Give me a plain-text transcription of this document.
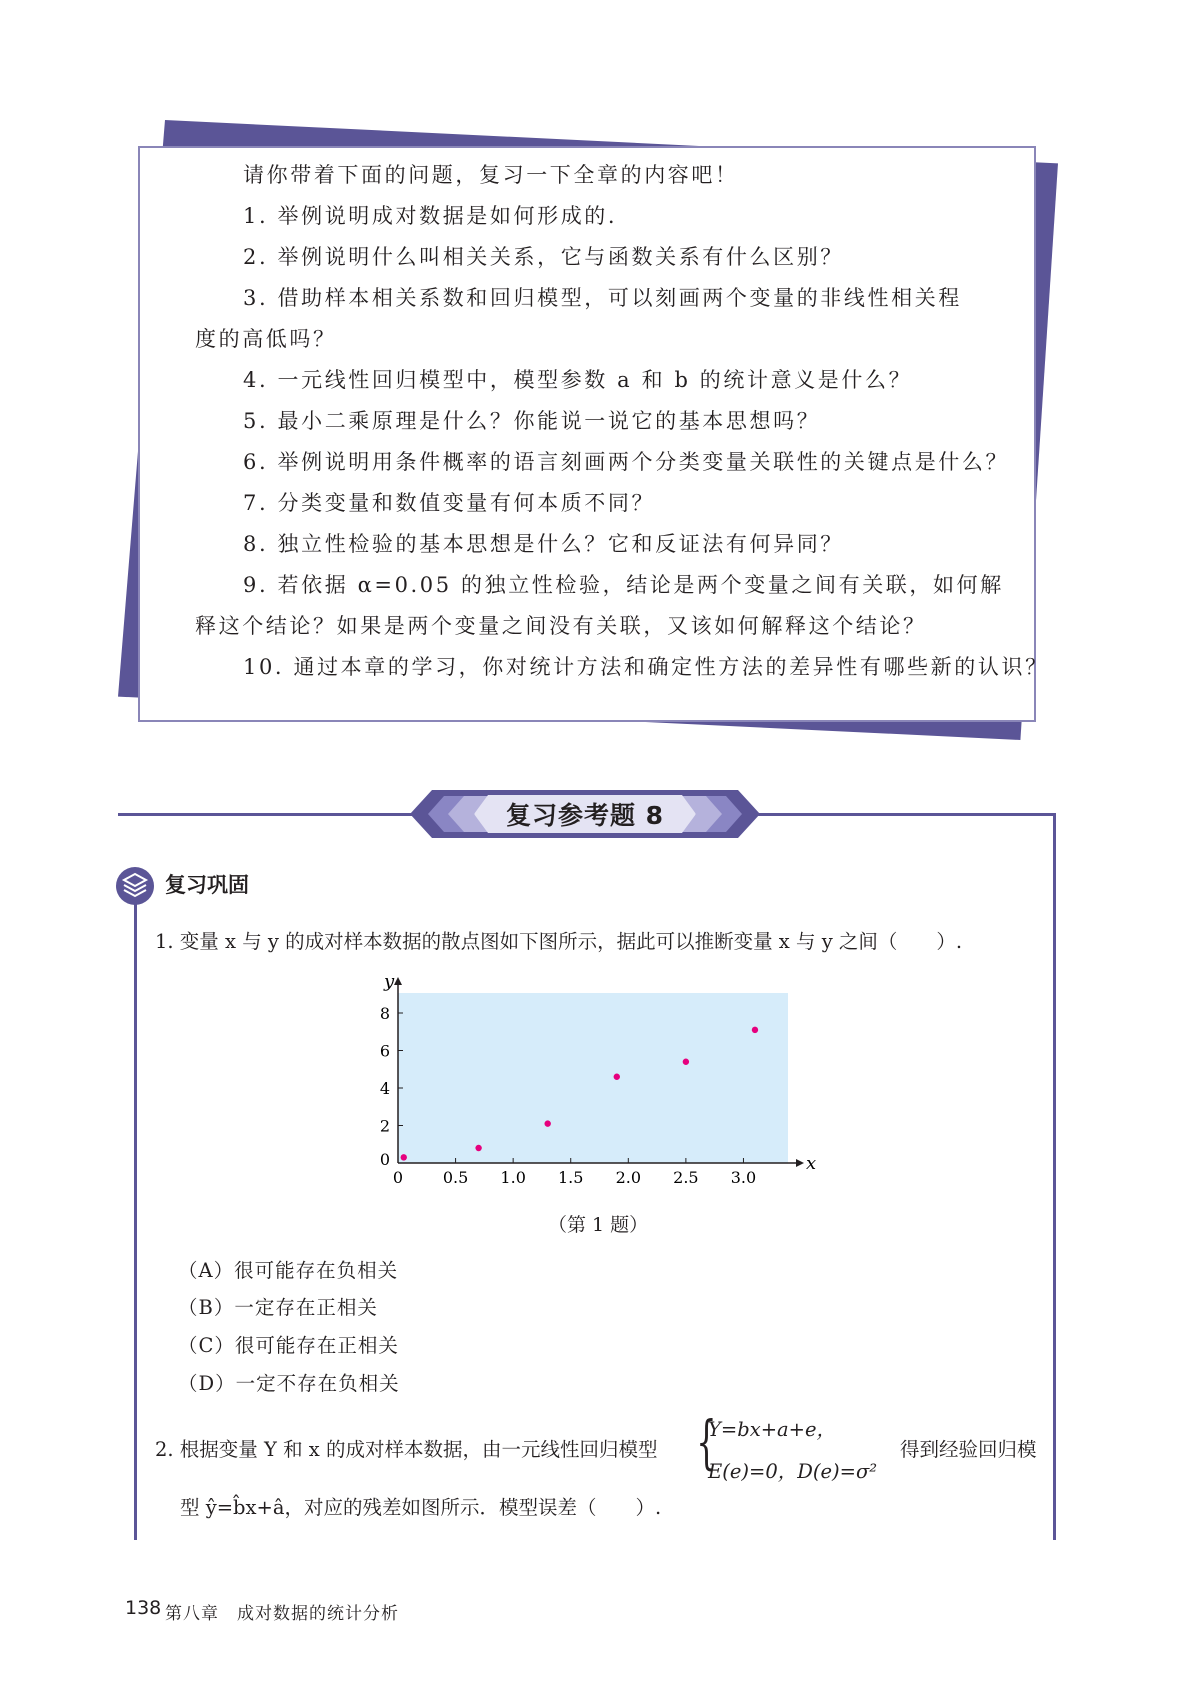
请你带着下面的问题，复习一下全章的内容吧！
1. 举例说明成对数据是如何形成的.
2. 举例说明什么叫相关关系，它与函数关系有什么区别？
3. 借助样本相关系数和回归模型，可以刻画两个变量的非线性相关程
度的高低吗？
4. 一元线性回归模型中，模型参数 a 和 b 的统计意义是什么？
5. 最小二乘原理是什么？你能说一说它的基本思想吗？
6. 举例说明用条件概率的语言刻画两个分类变量关联性的关键点是什么？
7. 分类变量和数值变量有何本质不同？
8. 独立性检验的基本思想是什么？它和反证法有何异同？
9. 若依据 α=0.05 的独立性检验，结论是两个变量之间有关联，如何解
释这个结论？如果是两个变量之间没有关联，又该如何解释这个结论？
10. 通过本章的学习，你对统计方法和确定性方法的差异性有哪些新的认识？
复习参考题 8
复习巩固
1. 变量 x 与 y 的成对样本数据的散点图如下图所示，据此可以推断变量 x 与 y 之间（　　）.
x
y
0 0.5 1.0 1.5 2.0 2.5 3.0
0
2
4
6
8
（第 1 题）
（A）很可能存在负相关
（B）一定存在正相关
（C）很可能存在正相关
（D）一定不存在负相关
2. 根据变量 Y 和 x 的成对样本数据，由一元线性回归模型 {
Y=bx+a+e，
E(e)=0，D(e)=σ²
得到经验回归模
型 ŷ=b̂x+â，对应的残差如图所示．模型误差（　　）.
138 第八章　成对数据的统计分析
